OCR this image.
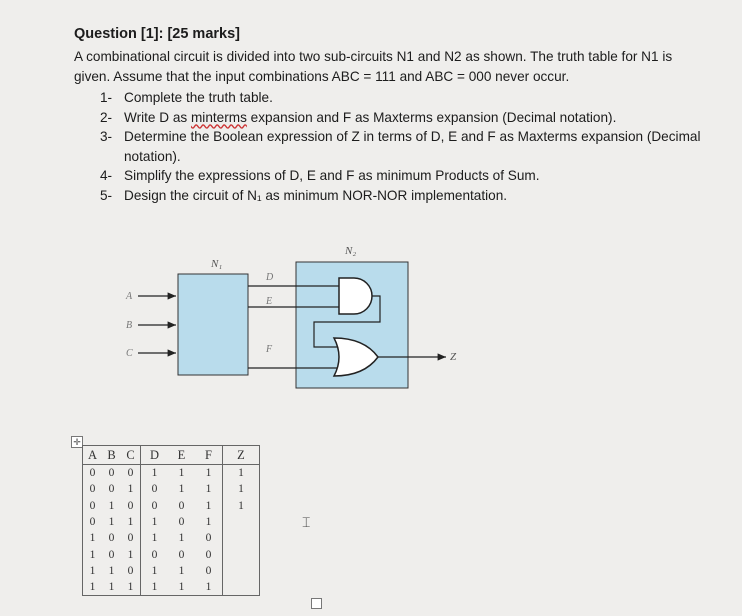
Question [1]: [25 marks]
A combinational circuit is divided into two sub-circuits N1 and N2 as shown. The truth table for N1 is given. Assume that the input combinations ABC = 111 and ABC = 000 never occur.
1- Complete the truth table.
2- Write D as minterms expansion and F as Maxterms expansion (Decimal notation).
3- Determine the Boolean expression of Z in terms of D, E and F as Maxterms expansion (Decimal notation).
4- Simplify the expressions of D, E and F as minimum Products of Sum.
5- Design the circuit of N₁ as minimum NOR-NOR implementation.
N₁
N₂
A
B
C
D
E
F
Z
✛
A	B	C	D	E	F	Z
0	0	0	1	1	1	1
0	0	1	0	1	1	1
0	1	0	0	0	1	1
0	1	1	1	0	1	
1	0	0	1	1	0	
1	0	1	0	0	0	
1	1	0	1	1	0	
1	1	1	1	1	1	
⌶
